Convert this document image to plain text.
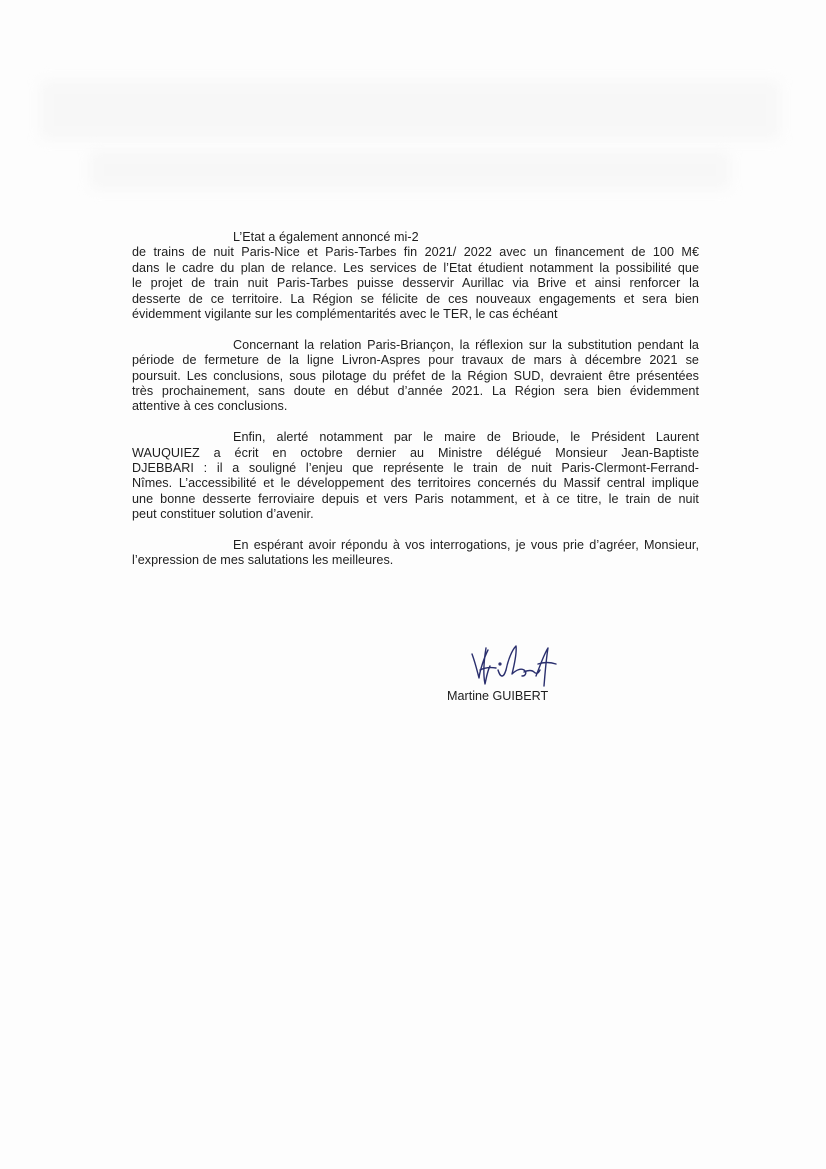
L’Etat a également annoncé mi-2
de trains de nuit Paris-Nice et Paris-Tarbes fin 2021/ 2022 avec un financement de 100 M€
dans le cadre du plan de relance. Les services de l’Etat étudient notamment la possibilité que
le projet de train nuit Paris-Tarbes puisse desservir Aurillac via Brive et ainsi renforcer la
desserte de ce territoire. La Région se félicite de ces nouveaux engagements et sera bien
évidemment vigilante sur les complémentarités avec le TER, le cas échéant
Concernant la relation Paris-Briançon, la réflexion sur la substitution pendant la
période de fermeture de la ligne Livron-Aspres pour travaux de mars à décembre 2021 se
poursuit. Les conclusions, sous pilotage du préfet de la Région SUD, devraient être présentées
très prochainement, sans doute en début d’année 2021. La Région sera bien évidemment
attentive à ces conclusions.
Enfin, alerté notamment par le maire de Brioude, le Président Laurent
WAUQUIEZ a écrit en octobre dernier au Ministre délégué Monsieur Jean-Baptiste
DJEBBARI : il a souligné l’enjeu que représente le train de nuit Paris-Clermont-Ferrand-
Nîmes. L’accessibilité et le développement des territoires concernés du Massif central implique
une bonne desserte ferroviaire depuis et vers Paris notamment, et à ce titre, le train de nuit
peut constituer solution d’avenir.
En espérant avoir répondu à vos interrogations, je vous prie d’agréer, Monsieur,
l’expression de mes salutations les meilleures.
Martine GUIBERT
